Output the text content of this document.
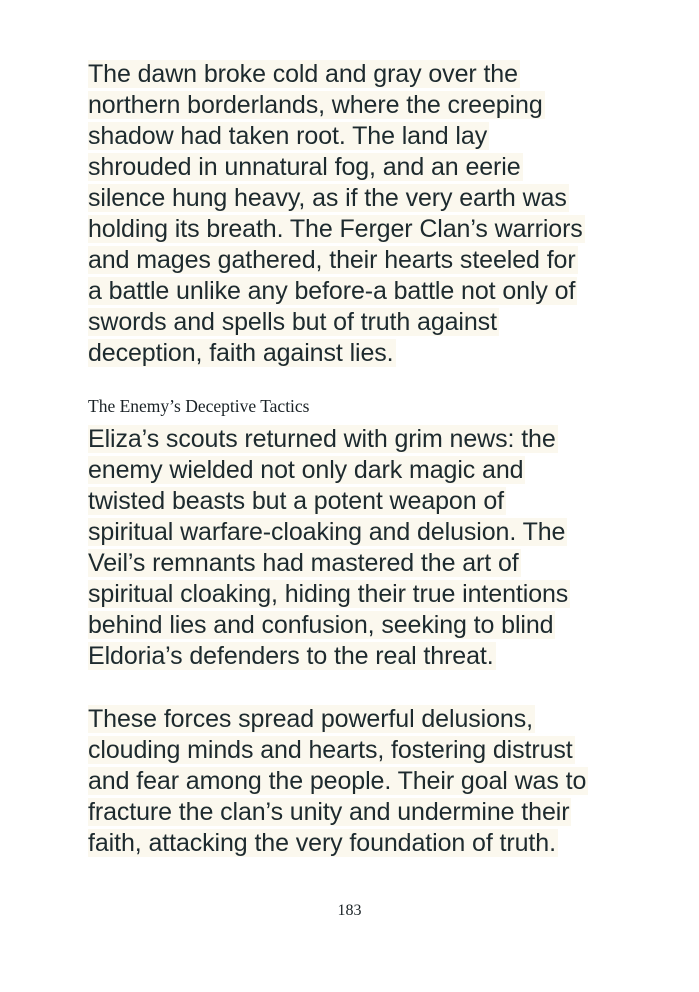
The dawn broke cold and gray over the
northern borderlands, where the creeping
shadow had taken root. The land lay
shrouded in unnatural fog, and an eerie
silence hung heavy, as if the very earth was
holding its breath. The Ferger Clan’s warriors
and mages gathered, their hearts steeled for
a battle unlike any before-a battle not only of
swords and spells but of truth against
deception, faith against lies.
The Enemy’s Deceptive Tactics
Eliza’s scouts returned with grim news: the
enemy wielded not only dark magic and
twisted beasts but a potent weapon of
spiritual warfare-cloaking and delusion. The
Veil’s remnants had mastered the art of
spiritual cloaking, hiding their true intentions
behind lies and confusion, seeking to blind
Eldoria’s defenders to the real threat.
These forces spread powerful delusions,
clouding minds and hearts, fostering distrust
and fear among the people. Their goal was to
fracture the clan’s unity and undermine their
faith, attacking the very foundation of truth.
183
